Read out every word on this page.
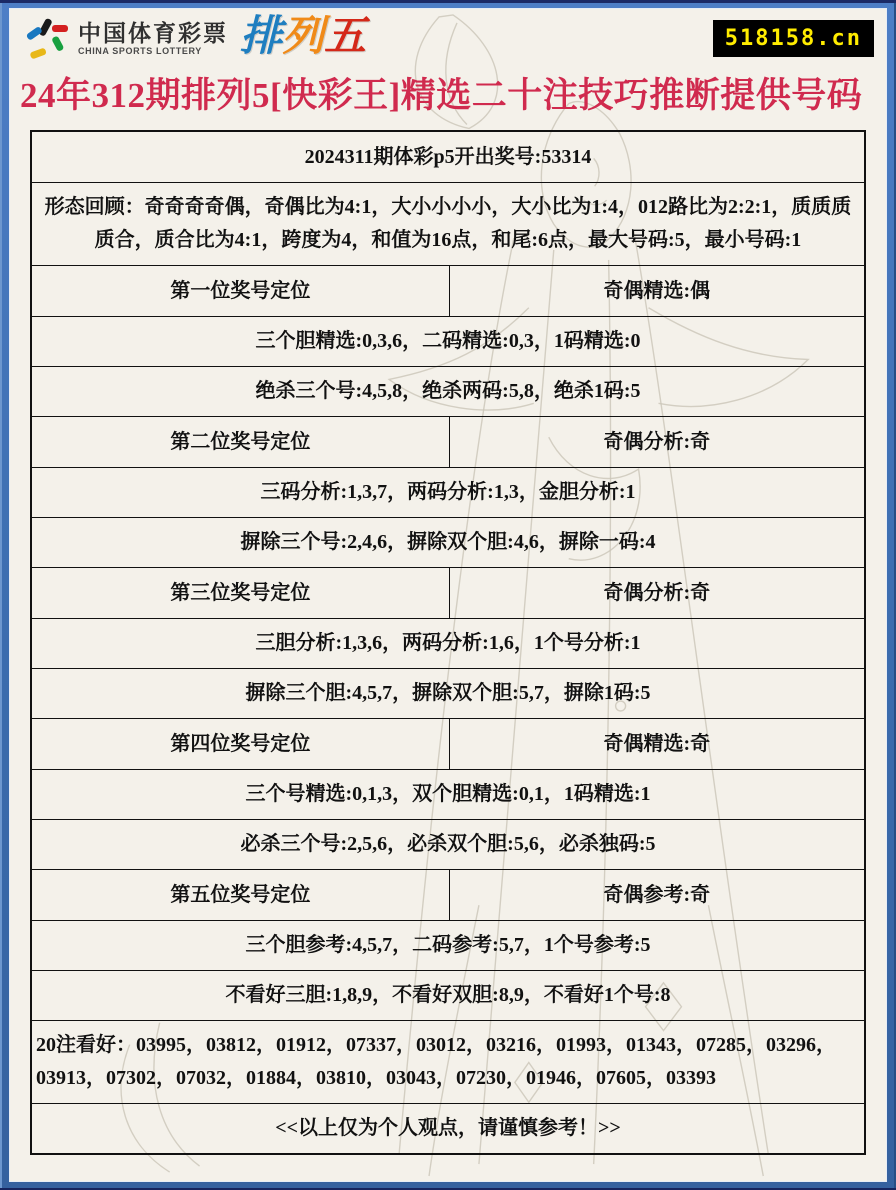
中国体育彩票
CHINA SPORTS LOTTERY 排列五	518158.cn
24年312期排列5[快彩王]精选二十注技巧推断提供号码
2024311期体彩p5开出奖号:53314
形态回顾：奇奇奇奇偶，奇偶比为4:1，大小小小小，大小比为1:4，012路比为2:2:1，质质质质合，质合比为4:1，跨度为4，和值为16点，和尾:6点，最大号码:5，最小号码:1
第一位奖号定位	奇偶精选:偶
三个胆精选:0,3,6，二码精选:0,3，1码精选:0
绝杀三个号:4,5,8，绝杀两码:5,8，绝杀1码:5
第二位奖号定位	奇偶分析:奇
三码分析:1,3,7，两码分析:1,3，金胆分析:1
摒除三个号:2,4,6，摒除双个胆:4,6，摒除一码:4
第三位奖号定位	奇偶分析:奇
三胆分析:1,3,6，两码分析:1,6，1个号分析:1
摒除三个胆:4,5,7，摒除双个胆:5,7，摒除1码:5
第四位奖号定位	奇偶精选:奇
三个号精选:0,1,3，双个胆精选:0,1，1码精选:1
必杀三个号:2,5,6，必杀双个胆:5,6，必杀独码:5
第五位奖号定位	奇偶参考:奇
三个胆参考:4,5,7，二码参考:5,7，1个号参考:5
不看好三胆:1,8,9，不看好双胆:8,9，不看好1个号:8
20注看好：03995，03812，01912，07337，03012，03216，01993，01343，07285，03296，03913，07302，07032，01884，03810，03043，07230，01946，07605，03393
<<以上仅为个人观点，请谨慎参考！>>
